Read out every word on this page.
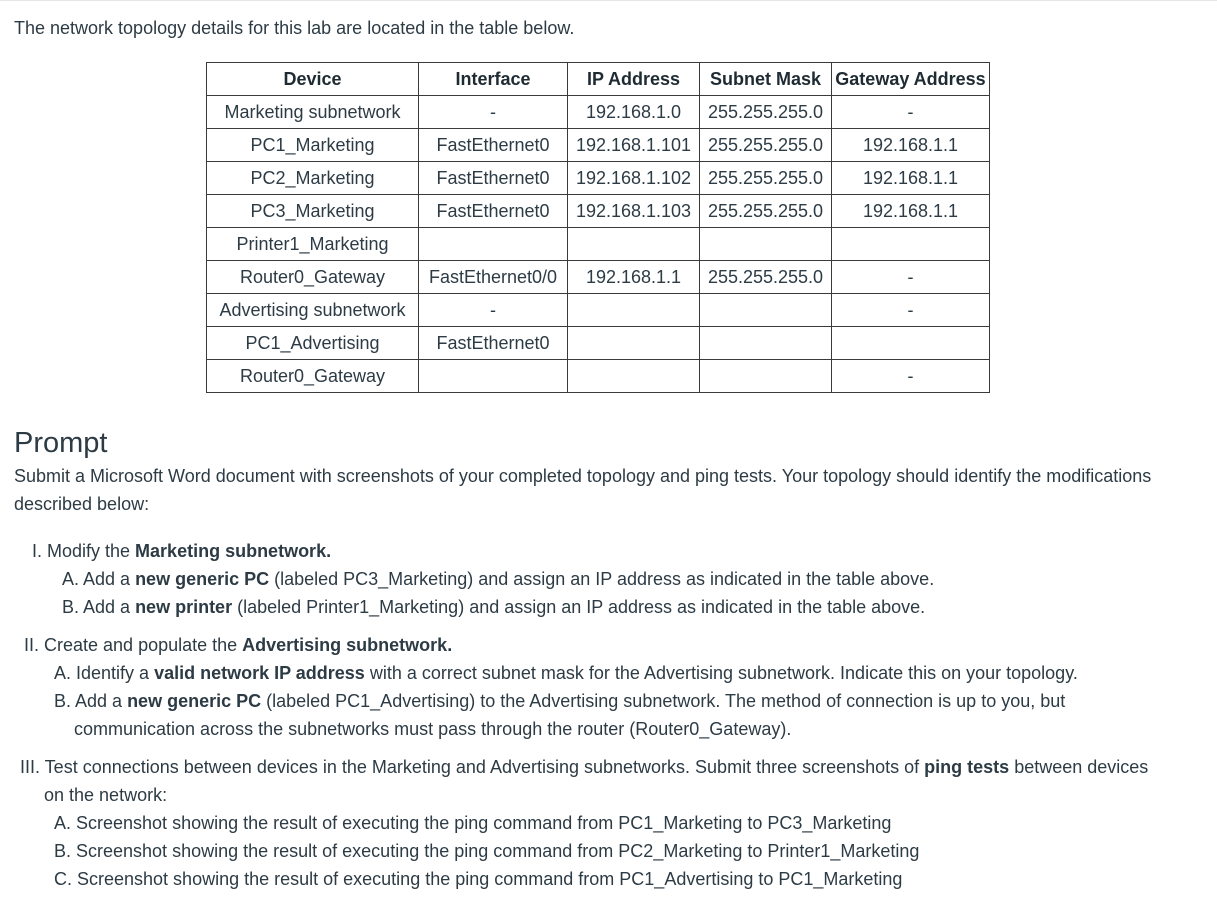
The network topology details for this lab are located in the table below.
Device	Interface	IP Address	Subnet Mask	Gateway Address
Marketing subnetwork	-	192.168.1.0	255.255.255.0	-
PC1_Marketing	FastEthernet0	192.168.1.101	255.255.255.0	192.168.1.1
PC2_Marketing	FastEthernet0	192.168.1.102	255.255.255.0	192.168.1.1
PC3_Marketing	FastEthernet0	192.168.1.103	255.255.255.0	192.168.1.1
Printer1_Marketing				
Router0_Gateway	FastEthernet0/0	192.168.1.1	255.255.255.0	-
Advertising subnetwork	-			-
PC1_Advertising	FastEthernet0			
Router0_Gateway				-
Prompt
Submit a Microsoft Word document with screenshots of your completed topology and ping tests. Your topology should identify the modifications described below:
I. Modify the Marketing subnetwork.
A. Add a new generic PC (labeled PC3_Marketing) and assign an IP address as indicated in the table above.
B. Add a new printer (labeled Printer1_Marketing) and assign an IP address as indicated in the table above.
II. Create and populate the Advertising subnetwork.
A. Identify a valid network IP address with a correct subnet mask for the Advertising subnetwork. Indicate this on your topology.
B. Add a new generic PC (labeled PC1_Advertising) to the Advertising subnetwork. The method of connection is up to you, but
communication across the subnetworks must pass through the router (Router0_Gateway).
III. Test connections between devices in the Marketing and Advertising subnetworks. Submit three screenshots of ping tests between devices
on the network:
A. Screenshot showing the result of executing the ping command from PC1_Marketing to PC3_Marketing
B. Screenshot showing the result of executing the ping command from PC2_Marketing to Printer1_Marketing
C. Screenshot showing the result of executing the ping command from PC1_Advertising to PC1_Marketing
